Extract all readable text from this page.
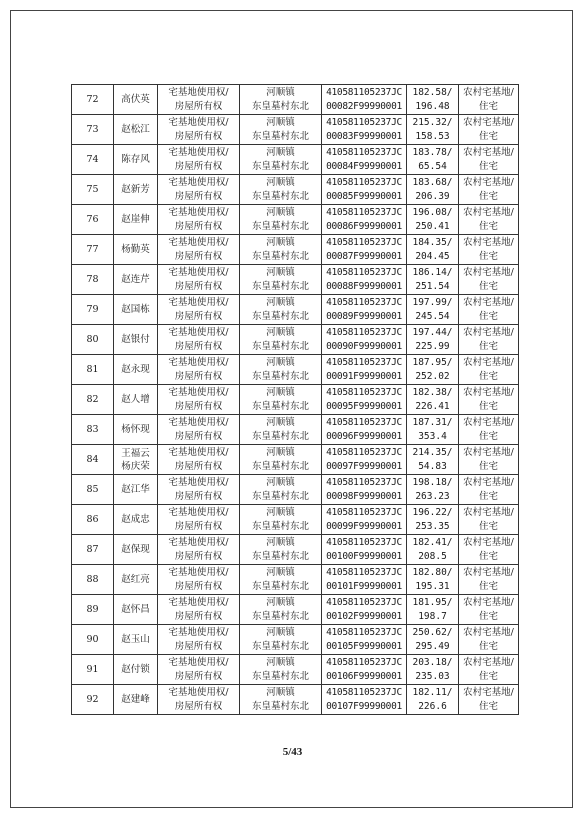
72	高伏英	宅基地使用权/
房屋所有权	河顺镇
东皇墓村东北	410581105237JC
00082F99990001	182.58/
196.48	农村宅基地/
住宅

73	赵松江	宅基地使用权/
房屋所有权	河顺镇
东皇墓村东北	410581105237JC
00083F99990001	215.32/
158.53	农村宅基地/
住宅

74	陈存风	宅基地使用权/
房屋所有权	河顺镇
东皇墓村东北	410581105237JC
00084F99990001	183.78/
65.54	农村宅基地/
住宅

75	赵新芳	宅基地使用权/
房屋所有权	河顺镇
东皇墓村东北	410581105237JC
00085F99990001	183.68/
206.39	农村宅基地/
住宅

76	赵崖伸	宅基地使用权/
房屋所有权	河顺镇
东皇墓村东北	410581105237JC
00086F99990001	196.08/
250.41	农村宅基地/
住宅

77	杨勤英	宅基地使用权/
房屋所有权	河顺镇
东皇墓村东北	410581105237JC
00087F99990001	184.35/
204.45	农村宅基地/
住宅

78	赵连芹	宅基地使用权/
房屋所有权	河顺镇
东皇墓村东北	410581105237JC
00088F99990001	186.14/
251.54	农村宅基地/
住宅

79	赵国栋	宅基地使用权/
房屋所有权	河顺镇
东皇墓村东北	410581105237JC
00089F99990001	197.99/
245.54	农村宅基地/
住宅

80	赵银付	宅基地使用权/
房屋所有权	河顺镇
东皇墓村东北	410581105237JC
00090F99990001	197.44/
225.99	农村宅基地/
住宅

81	赵永现	宅基地使用权/
房屋所有权	河顺镇
东皇墓村东北	410581105237JC
00091F99990001	187.95/
252.02	农村宅基地/
住宅

82	赵人增	宅基地使用权/
房屋所有权	河顺镇
东皇墓村东北	410581105237JC
00095F99990001	182.38/
226.41	农村宅基地/
住宅

83	杨怀现	宅基地使用权/
房屋所有权	河顺镇
东皇墓村东北	410581105237JC
00096F99990001	187.31/
353.4	农村宅基地/
住宅

84	王福云
杨庆荣	宅基地使用权/
房屋所有权	河顺镇
东皇墓村东北	410581105237JC
00097F99990001	214.35/
54.83	农村宅基地/
住宅

85	赵江华	宅基地使用权/
房屋所有权	河顺镇
东皇墓村东北	410581105237JC
00098F99990001	198.18/
263.23	农村宅基地/
住宅

86	赵成忠	宅基地使用权/
房屋所有权	河顺镇
东皇墓村东北	410581105237JC
00099F99990001	196.22/
253.35	农村宅基地/
住宅

87	赵保现	宅基地使用权/
房屋所有权	河顺镇
东皇墓村东北	410581105237JC
00100F99990001	182.41/
208.5	农村宅基地/
住宅

88	赵红亮	宅基地使用权/
房屋所有权	河顺镇
东皇墓村东北	410581105237JC
00101F99990001	182.80/
195.31	农村宅基地/
住宅

89	赵怀昌	宅基地使用权/
房屋所有权	河顺镇
东皇墓村东北	410581105237JC
00102F99990001	181.95/
198.7	农村宅基地/
住宅

90	赵玉山	宅基地使用权/
房屋所有权	河顺镇
东皇墓村东北	410581105237JC
00105F99990001	250.62/
295.49	农村宅基地/
住宅

91	赵付锁	宅基地使用权/
房屋所有权	河顺镇
东皇墓村东北	410581105237JC
00106F99990001	203.18/
235.03	农村宅基地/
住宅

92	赵建峰	宅基地使用权/
房屋所有权	河顺镇
东皇墓村东北	410581105237JC
00107F99990001	182.11/
226.6	农村宅基地/
住宅
5/43
